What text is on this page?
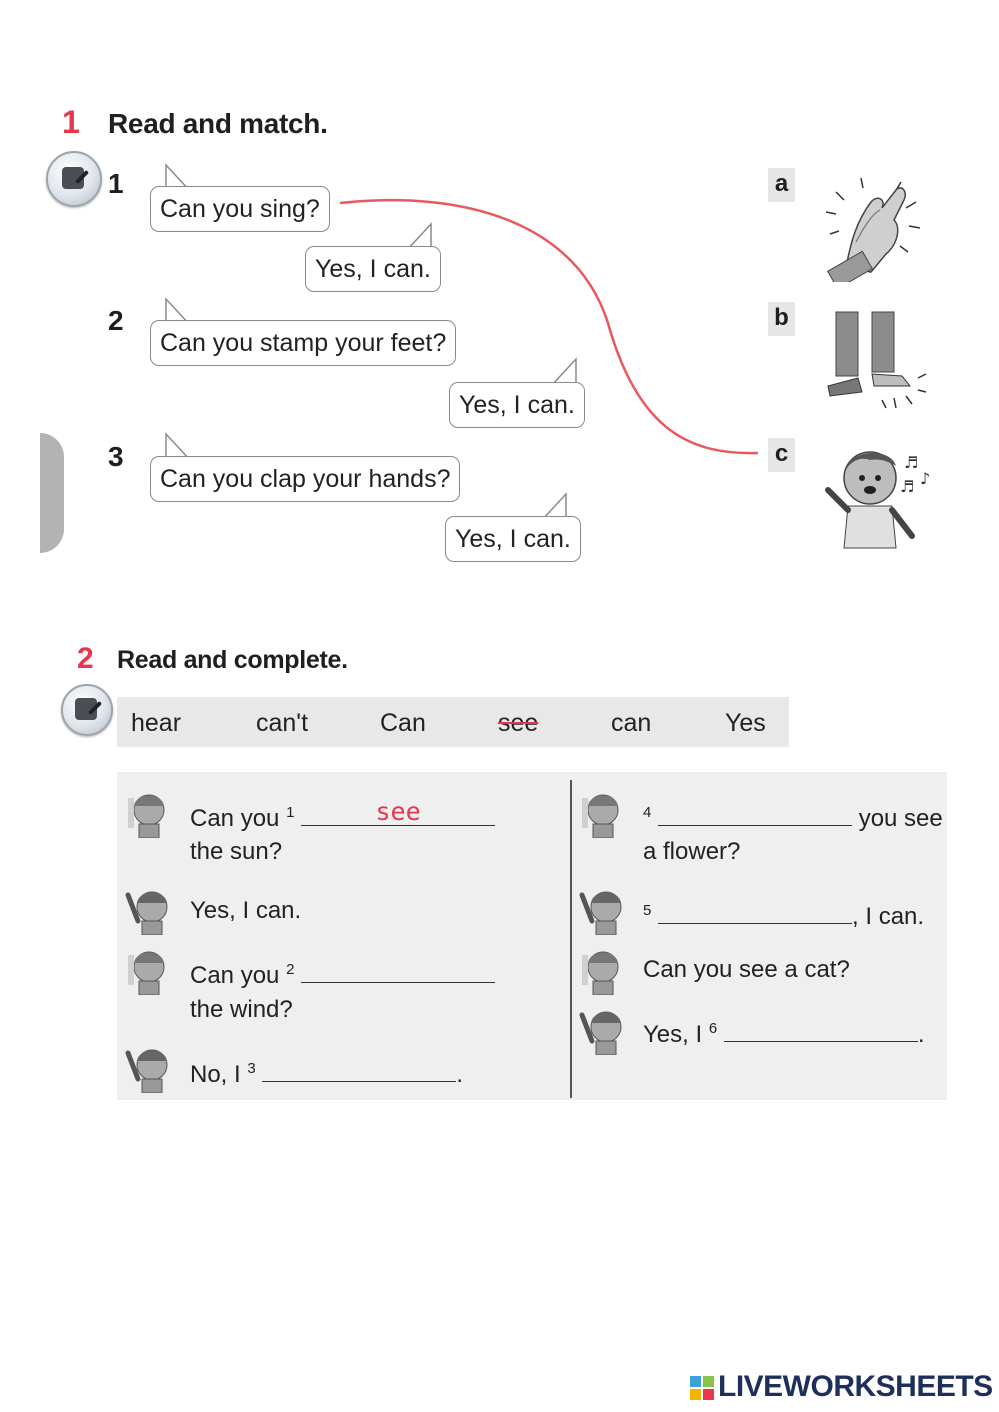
1 Read and match.
1
Can you sing?
Yes, I can.
2
Can you stamp your feet?
Yes, I can.
3
Can you clap your hands?
Yes, I can.
a
b
c	♬
♪
♬
2 Read and complete.
hear	can't	Can	see	can	Yes
Can you $^1$	see
the sun?
Yes, I can.
Can you $^2$
the wind?
No, I $^3$	.
$^4$	you see
a flower?
$^5$	, I can.
Can you see a cat?
Yes, I $^6$	.
LIVEWORKSHEETS
